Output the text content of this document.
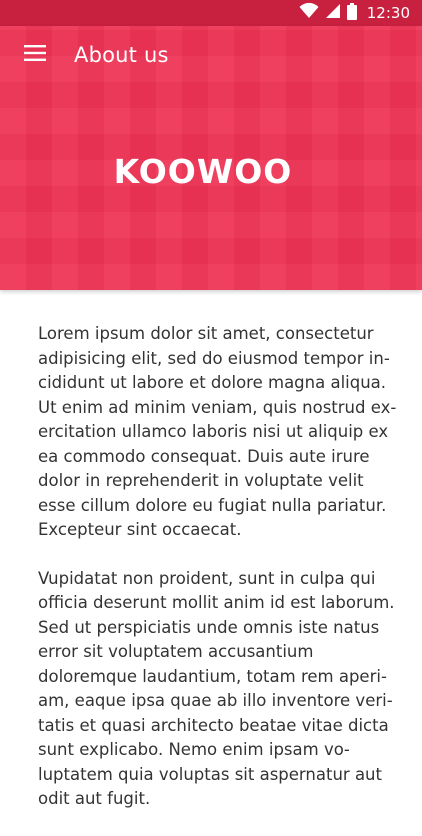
12:30
About us
KOOWOO

Lorem ipsum dolor sit amet, consectetur adipisicing elit, sed do eiusmod tempor incididunt ut labore et dolore magna aliqua. Ut enim ad minim veniam, quis nostrud exercitation ullamco laboris nisi ut aliquip ex ea commodo consequat. Duis aute irure dolor in reprehenderit in voluptate velit esse cillum dolore eu fugiat nulla pariatur. Excepteur sint occaecat.

Vupidatat non proident, sunt in culpa qui officia deserunt mollit anim id est laborum. Sed ut perspiciatis unde omnis iste natus error sit voluptatem accusantium doloremque laudantium, totam rem aperiam, eaque ipsa quae ab illo inventore veritatis et quasi architecto beatae vitae dicta sunt explicabo. Nemo enim ipsam voluptatem quia voluptas sit aspernatur aut odit aut fugit.
